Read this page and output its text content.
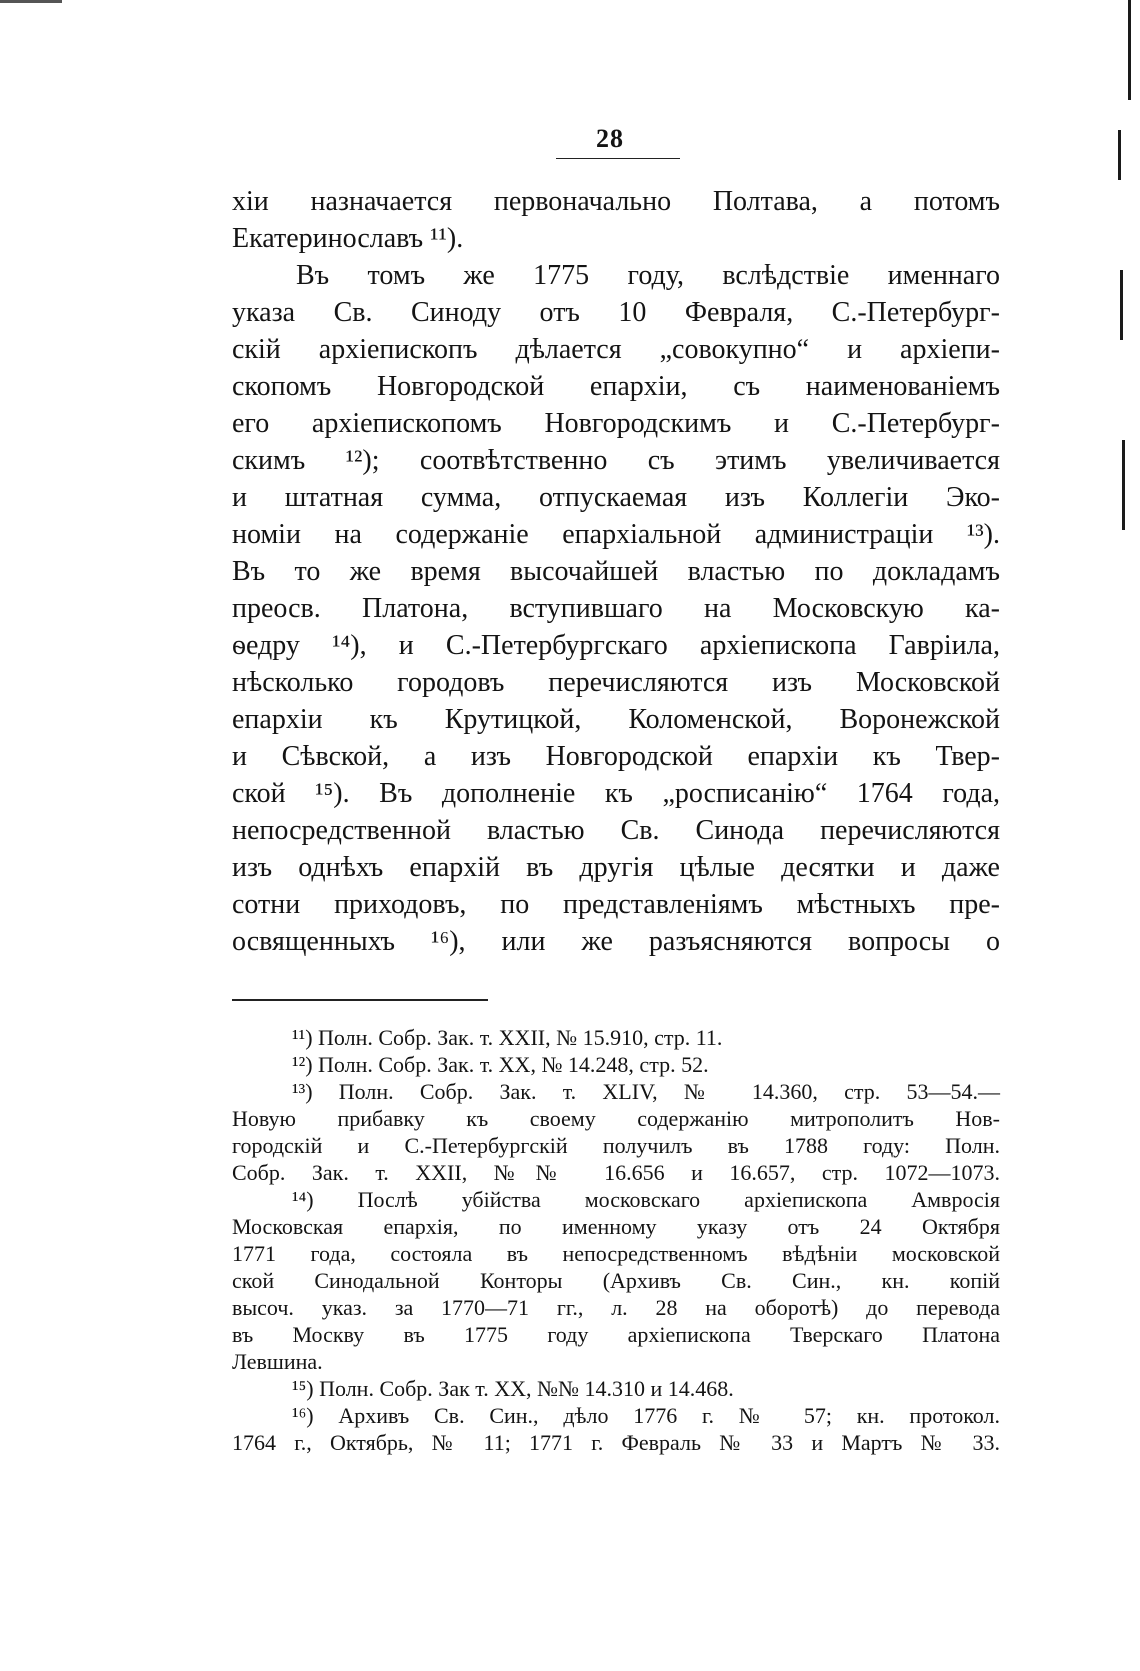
28
хіи назначается первоначально Полтава, а потомъ
Екатеринославъ ¹¹).
Въ томъ же 1775 году, вслѣдствіе именнаго
указа Св. Синоду отъ 10 Февраля, С.-Петербург-
скій архіепископъ дѣлается „совокупно“ и архіепи-
скопомъ Новгородской епархіи, съ наименованіемъ
его архіепископомъ Новгородскимъ и С.-Петербург-
скимъ ¹²); соотвѣтственно съ этимъ увеличивается
и штатная сумма, отпускаемая изъ Коллегіи Эко-
номіи на содержаніе епархіальной администраціи ¹³).
Въ то же время высочайшей властью по докладамъ
преосв. Платона, вступившаго на Московскую ка-
ѳедру ¹⁴), и С.-Петербургскаго архіепископа Гавріила,
нѣсколько городовъ перечисляются изъ Московской
епархіи къ Крутицкой, Коломенской, Воронежской
и Сѣвской, а изъ Новгородской епархіи къ Твер-
ской ¹⁵). Въ дополненіе къ „росписанію“ 1764 года,
непосредственной властью Св. Синода перечисляются
изъ однѣхъ епархій въ другія цѣлые десятки и даже
сотни приходовъ, по представленіямъ мѣстныхъ пре-
освященныхъ ¹⁶), или же разъясняются вопросы о
¹¹) Полн. Собр. Зак. т. XXII, № 15.910, стр. 11.
¹²) Полн. Собр. Зак. т. XX, № 14.248, стр. 52.
¹³) Полн. Собр. Зак. т. XLIV, № 14.360, стр. 53—54.—
Новую прибавку къ своему содержанію митрополитъ Нов-
городскій и С.-Петербургскій получилъ въ 1788 году: Полн.
Собр. Зак. т. XXII, №№ 16.656 и 16.657, стр. 1072—1073.
¹⁴) Послѣ убійства московскаго архіепископа Амвросія
Московская епархія, по именному указу отъ 24 Октября
1771 года, состояла въ непосредственномъ вѣдѣніи московской
ской Синодальной Конторы (Архивъ Св. Син., кн. копій
высоч. указ. за 1770—71 гг., л. 28 на оборотѣ) до перевода
въ Москву въ 1775 году архіепископа Тверскаго Платона
Левшина.
¹⁵) Полн. Собр. Зак т. XX, №№ 14.310 и 14.468.
¹⁶) Архивъ Св. Син., дѣло 1776 г. № 57; кн. протокол.
1764 г., Октябрь, № 11; 1771 г. Февраль № 33 и Мартъ № 33.
